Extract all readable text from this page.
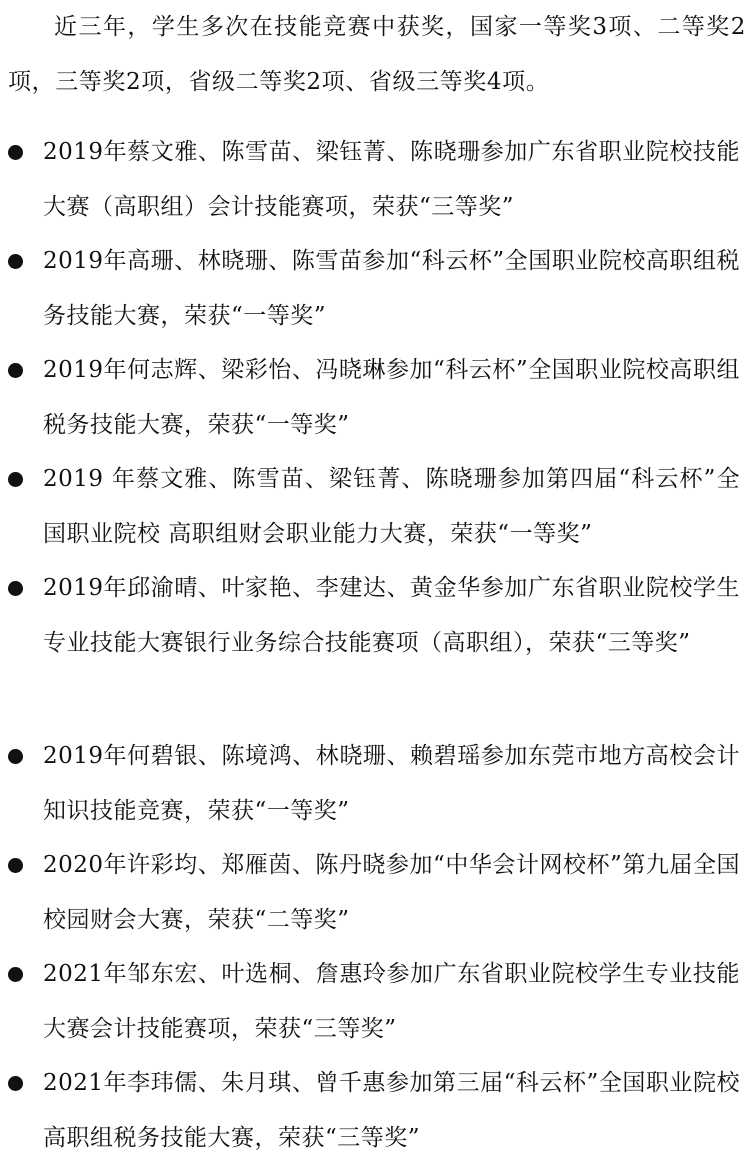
近三年，学生多次在技能竞赛中获奖，国家一等奖3项、二等奖2项，三等奖2项，省级二等奖2项、省级三等奖4项。

2019年蔡文雅、陈雪苗、梁钰菁、陈晓珊参加广东省职业院校技能大赛（高职组）会计技能赛项，荣获“三等奖”

2019年高珊、林晓珊、陈雪苗参加“科云杯”全国职业院校高职组税务技能大赛，荣获“一等奖”

2019年何志辉、梁彩怡、冯晓琳参加“科云杯”全国职业院校高职组税务技能大赛，荣获“一等奖”

2019 年蔡文雅、陈雪苗、梁钰菁、陈晓珊参加第四届“科云杯”全国职业院校 高职组财会职业能力大赛，荣获“一等奖”

2019年邱渝晴、叶家艳、李建达、黄金华参加广东省职业院校学生专业技能大赛银行业务综合技能赛项（高职组），荣获“三等奖”

2019年何碧银、陈境鸿、林晓珊、赖碧瑶参加东莞市地方高校会计知识技能竞赛，荣获“一等奖”

2020年许彩均、郑雁茵、陈丹晓参加“中华会计网校杯”第九届全国校园财会大赛，荣获“二等奖”

2021年邹东宏、叶选桐、詹惠玲参加广东省职业院校学生专业技能大赛会计技能赛项，荣获“三等奖”

2021年李玮儒、朱月琪、曾千惠参加第三届“科云杯”全国职业院校 高职组税务技能大赛，荣获“三等奖”
